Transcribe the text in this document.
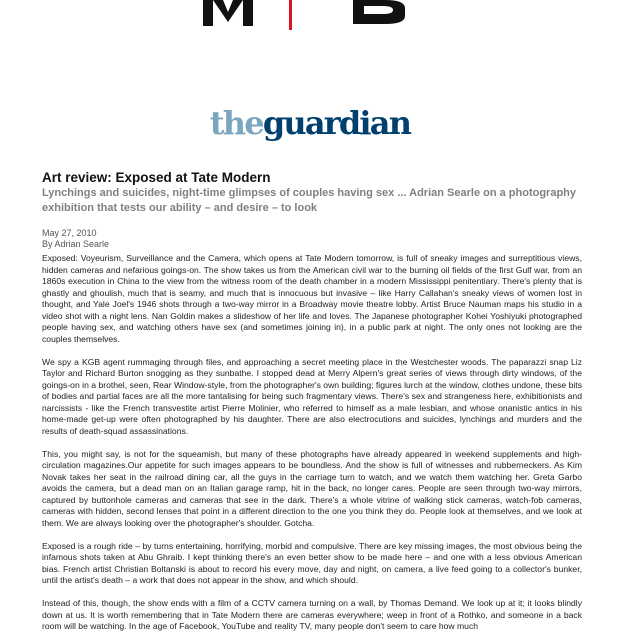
theguardian
Art review: Exposed at Tate Modern
Lynchings and suicides, night-time glimpses of couples having sex ... Adrian Searle on a photography exhibition that tests our ability – and desire – to look
May 27, 2010
By Adrian Searle

Exposed: Voyeurism, Surveillance and the Camera, which opens at Tate Modern tomorrow, is full of sneaky images and surreptitious views, hidden cameras and nefarious goings-on. The show takes us from the American civil war to the burning oil fields of the first Gulf war, from an 1860s execution in China to the view from the witness room of the death chamber in a modern Mississippi penitentiary. There's plenty that is ghastly and ghoulish, much that is seamy, and much that is innocuous but invasive – like Harry Callahan's sneaky views of women lost in thought, and Yale Joel's 1946 shots through a two-way mirror in a Broadway movie theatre lobby. Artist Bruce Nauman maps his studio in a video shot with a night lens. Nan Goldin makes a slideshow of her life and loves. The Japanese photographer Kohei Yoshiyuki photographed people having sex, and watching others have sex (and sometimes joining in), in a public park at night. The only ones not looking are the couples themselves.

We spy a KGB agent rummaging through files, and approaching a secret meeting place in the Westchester woods. The paparazzi snap Liz Taylor and Richard Burton snogging as they sunbathe. I stopped dead at Merry Alpern's great series of views through dirty windows, of the goings-on in a brothel, seen, Rear Window-style, from the photographer's own building; figures lurch at the window, clothes undone, these bits of bodies and partial faces are all the more tantalising for being such fragmentary views. There's sex and strangeness here, exhibitionists and narcissists - like the French transvestite artist Pierre Molinier, who referred to himself as a male lesbian, and whose onanistic antics in his home-made get-up were often photographed by his daughter. There are also electrocutions and suicides, lynchings and murders and the results of death-squad assassinations.

This, you might say, is not for the squeamish, but many of these photographs have already appeared in weekend supplements and high-circulation magazines.Our appetite for such images appears to be boundless. And the show is full of witnesses and rubberneckers. As Kim Novak takes her seat in the railroad dining car, all the guys in the carriage turn to watch, and we watch them watching her. Greta Garbo avoids the camera, but a dead man on an Italian garage ramp, hit in the back, no longer cares. People are seen through two-way mirrors, captured by buttonhole cameras and cameras that see in the dark. There's a whole vitrine of walking stick cameras, watch-fob cameras, cameras with hidden, second lenses that point in a different direction to the one you think they do. People look at themselves, and we look at them. We are always looking over the photographer's shoulder. Gotcha.

Exposed is a rough ride – by turns entertaining, horrifying, morbid and compulsive. There are key missing images, the most obvious being the infamous shots taken at Abu Ghraib. I kept thinking there's an even better show to be made here – and one with a less obvious American bias. French artist Christian Boltanski is about to record his every move, day and night, on camera, a live feed going to a collector's bunker, until the artist's death – a work that does not appear in the show, and which should.

Instead of this, though, the show ends with a film of a CCTV camera turning on a wall, by Thomas Demand. We look up at it; it looks blindly down at us. It is worth remembering that in Tate Modern there are cameras everywhere; weep in front of a Rothko, and someone in a back room will be watching. In the age of Facebook, YouTube and reality TV, many people don't seem to care how much
